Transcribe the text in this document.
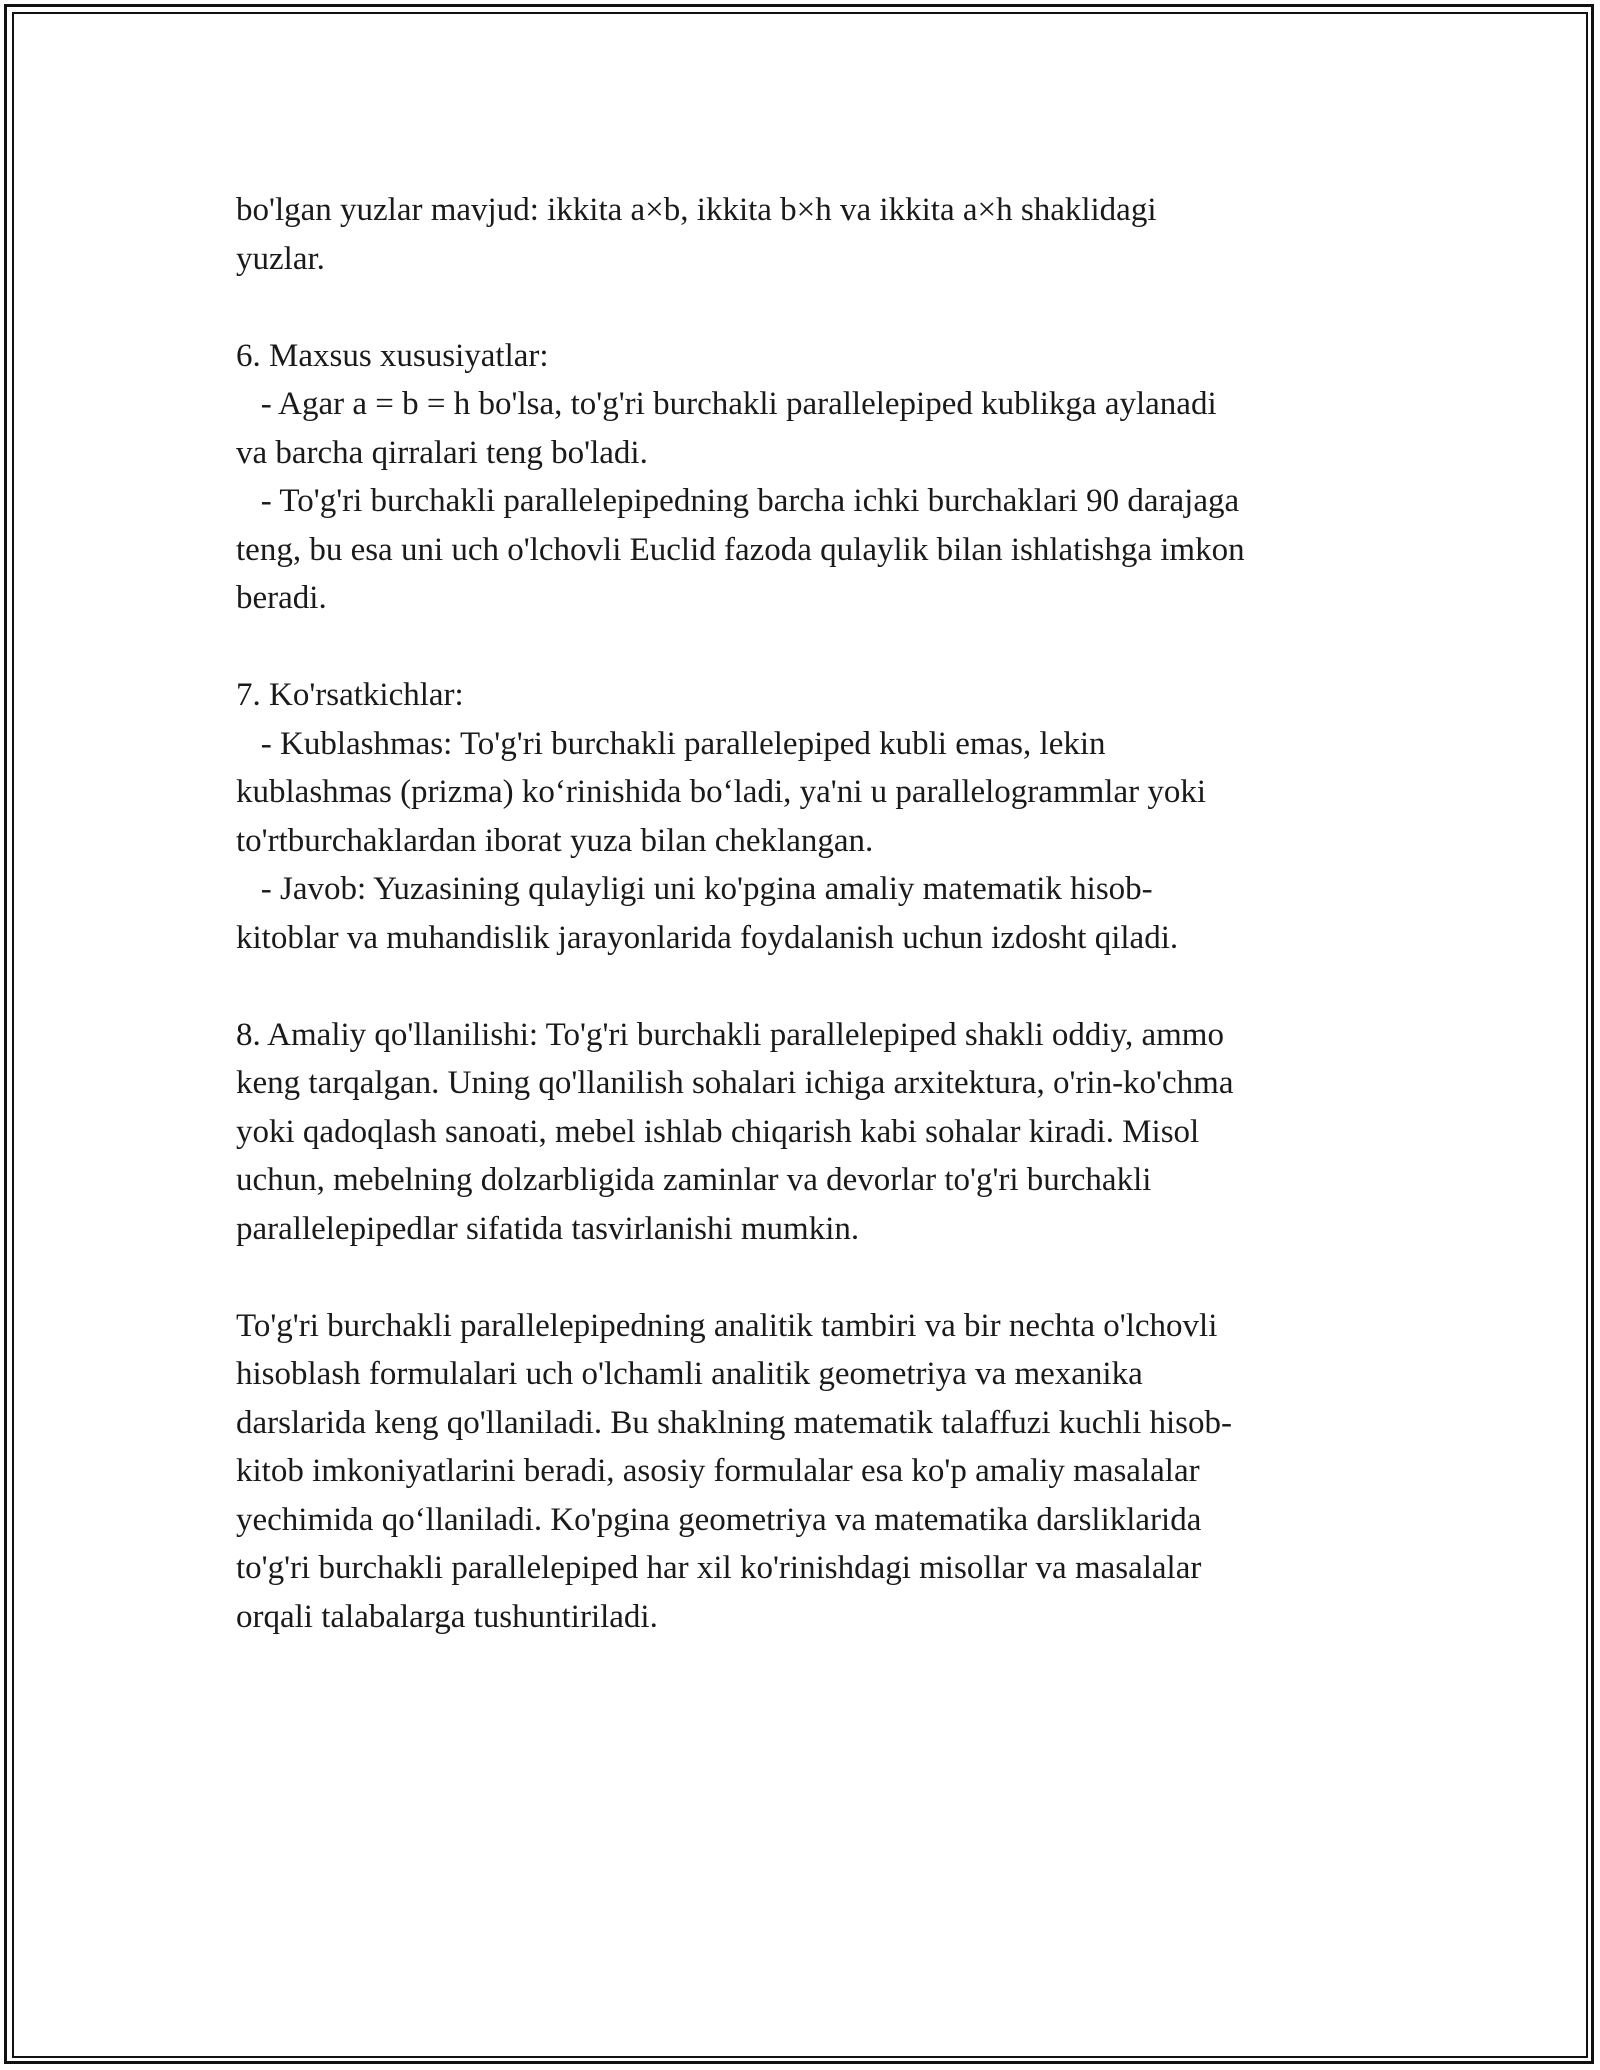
bo'lgan yuzlar mavjud: ikkita a×b, ikkita b×h va ikkita a×h shaklidagi
yuzlar.
6. Maxsus xususiyatlar:
- Agar a = b = h bo'lsa, to'g'ri burchakli parallelepiped kublikga aylanadi
va barcha qirralari teng bo'ladi.
- To'g'ri burchakli parallelepipedning barcha ichki burchaklari 90 darajaga
teng, bu esa uni uch o'lchovli Euclid fazoda qulaylik bilan ishlatishga imkon
beradi.
7. Ko'rsatkichlar:
- Kublashmas: To'g'ri burchakli parallelepiped kubli emas, lekin
kublashmas (prizma) ko‘rinishida bo‘ladi, ya'ni u parallelogrammlar yoki
to'rtburchaklardan iborat yuza bilan cheklangan.
- Javob: Yuzasining qulayligi uni ko'pgina amaliy matematik hisob-
kitoblar va muhandislik jarayonlarida foydalanish uchun izdosht qiladi.
8. Amaliy qo'llanilishi: To'g'ri burchakli parallelepiped shakli oddiy, ammo
keng tarqalgan. Uning qo'llanilish sohalari ichiga arxitektura, o'rin-ko'chma
yoki qadoqlash sanoati, mebel ishlab chiqarish kabi sohalar kiradi. Misol
uchun, mebelning dolzarbligida zaminlar va devorlar to'g'ri burchakli
parallelepipedlar sifatida tasvirlanishi mumkin.
To'g'ri burchakli parallelepipedning analitik tambiri va bir nechta o'lchovli
hisoblash formulalari uch o'lchamli analitik geometriya va mexanika
darslarida keng qo'llaniladi. Bu shaklning matematik talaffuzi kuchli hisob-
kitob imkoniyatlarini beradi, asosiy formulalar esa ko'p amaliy masalalar
yechimida qo‘llaniladi. Ko'pgina geometriya va matematika darsliklarida
to'g'ri burchakli parallelepiped har xil ko'rinishdagi misollar va masalalar
orqali talabalarga tushuntiriladi.
